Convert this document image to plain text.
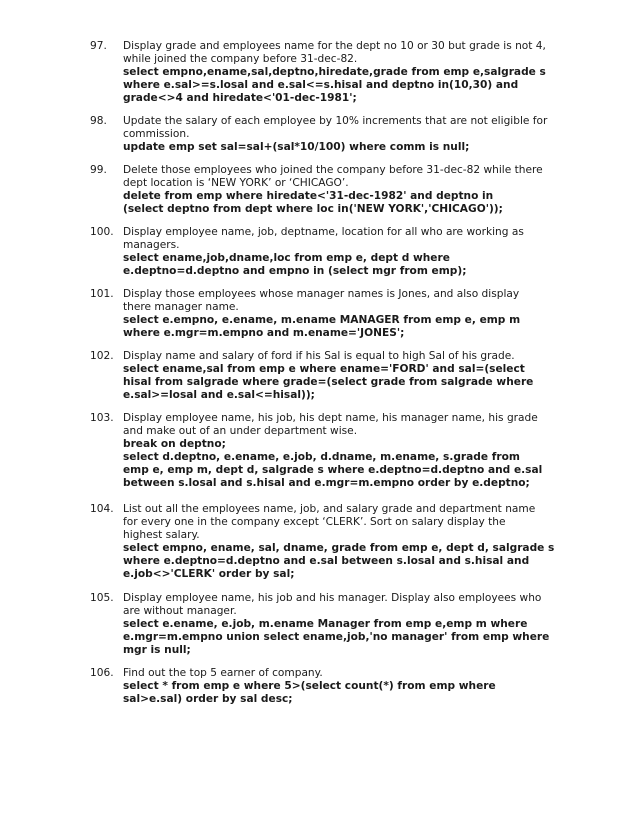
97. Display grade and employees name for the dept no 10 or 30 but grade is not 4,

while joined the company before 31-dec-82.

select empno,ename,sal,deptno,hiredate,grade from emp e,salgrade s

where e.sal>=s.losal and e.sal<=s.hisal and deptno in(10,30) and

grade<>4 and hiredate<'01-dec-1981';

98. Update the salary of each employee by 10% increments that are not eligible for

commission.

update emp set sal=sal+(sal*10/100) where comm is null;

99. Delete those employees who joined the company before 31-dec-82 while there

dept location is ‘NEW YORK’ or ‘CHICAGO’.

delete from emp where hiredate<'31-dec-1982' and deptno in

(select deptno from dept where loc in('NEW YORK','CHICAGO'));

100. Display employee name, job, deptname, location for all who are working as

managers.

select ename,job,dname,loc from emp e, dept d where

e.deptno=d.deptno and empno in (select mgr from emp);

101. Display those employees whose manager names is Jones, and also display

there manager name.

select e.empno, e.ename, m.ename MANAGER from emp e, emp m

where e.mgr=m.empno and m.ename='JONES';

102. Display name and salary of ford if his Sal is equal to high Sal of his grade.

select ename,sal from emp e where ename='FORD' and sal=(select

hisal from salgrade where grade=(select grade from salgrade where

e.sal>=losal and e.sal<=hisal));

103. Display employee name, his job, his dept name, his manager name, his grade

and make out of an under department wise.

break on deptno;

select d.deptno, e.ename, e.job, d.dname, m.ename, s.grade from

emp e, emp m, dept d, salgrade s where e.deptno=d.deptno and e.sal

between s.losal and s.hisal and e.mgr=m.empno order by e.deptno;

104. List out all the employees name, job, and salary grade and department name

for every one in the company except ‘CLERK’. Sort on salary display the

highest salary.

select empno, ename, sal, dname, grade from emp e, dept d, salgrade s

where e.deptno=d.deptno and e.sal between s.losal and s.hisal and

e.job<>'CLERK' order by sal;

105. Display employee name, his job and his manager. Display also employees who

are without manager.

select e.ename, e.job, m.ename Manager from emp e,emp m where

e.mgr=m.empno union select ename,job,'no manager' from emp where

mgr is null;

106. Find out the top 5 earner of company.

select * from emp e where 5>(select count(*) from emp where

sal>e.sal) order by sal desc;
